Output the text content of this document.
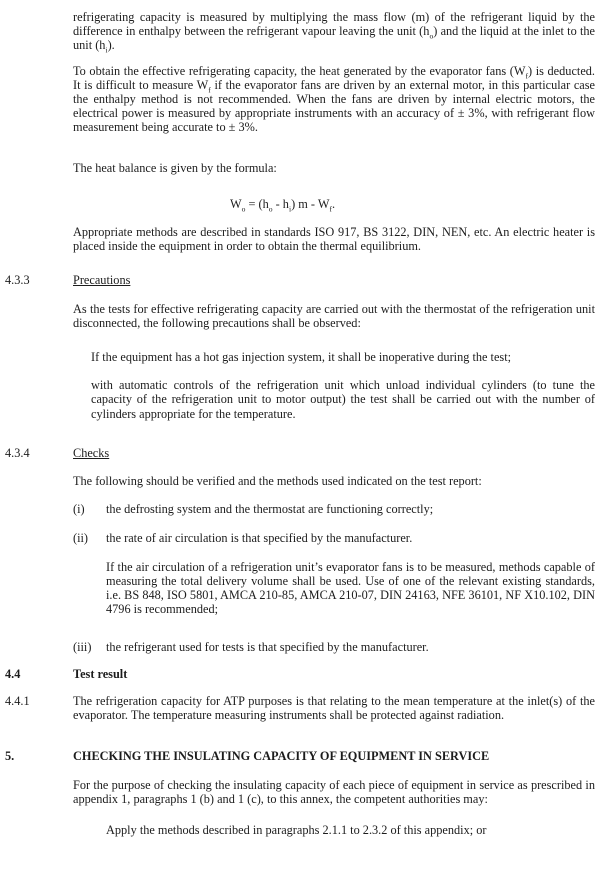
refrigerating capacity is measured by multiplying the mass flow (m) of the refrigerant liquid by the difference in enthalpy between the refrigerant vapour leaving the unit $(h_o)$ and the liquid at the inlet to the unit $(h_i)$.

To obtain the effective refrigerating capacity, the heat generated by the evaporator fans $(W_f)$ is deducted. It is difficult to measure $W_f$ if the evaporator fans are driven by an external motor, in this particular case the enthalpy method is not recommended. When the fans are driven by internal electric motors, the electrical power is measured by appropriate instruments with an accuracy of ± 3%, with refrigerant flow measurement being accurate to ± 3%.

The heat balance is given by the formula:

$W_o = (h_o - h_i)$ m - $W_f$.

Appropriate methods are described in standards ISO 917, BS 3122, DIN, NEN, etc. An electric heater is placed inside the equipment in order to obtain the thermal equilibrium.

4.3.3	Precautions

As the tests for effective refrigerating capacity are carried out with the thermostat of the refrigeration unit disconnected, the following precautions shall be observed:

If the equipment has a hot gas injection system, it shall be inoperative during the test;

with automatic controls of the refrigeration unit which unload individual cylinders (to tune the capacity of the refrigeration unit to motor output) the test shall be carried out with the number of cylinders appropriate for the temperature.

4.3.4	Checks

The following should be verified and the methods used indicated on the test report:

(i) the defrosting system and the thermostat are functioning correctly;

(ii) the rate of air circulation is that specified by the manufacturer.

If the air circulation of a refrigeration unit’s evaporator fans is to be measured, methods capable of measuring the total delivery volume shall be used. Use of one of the relevant existing standards, i.e. BS 848, ISO 5801, AMCA 210-85, AMCA 210-07, DIN 24163, NFE 36101, NF X10.102, DIN 4796 is recommended;

(iii) the refrigerant used for tests is that specified by the manufacturer.

4.4	Test result
4.4.1	The refrigeration capacity for ATP purposes is that relating to the mean temperature at the inlet(s) of the evaporator. The temperature measuring instruments shall be protected against radiation.
5.	CHECKING THE INSULATING CAPACITY OF EQUIPMENT IN SERVICE

For the purpose of checking the insulating capacity of each piece of equipment in service as prescribed in appendix 1, paragraphs 1 (b) and 1 (c), to this annex, the competent authorities may:

Apply the methods described in paragraphs 2.1.1 to 2.3.2 of this appendix; or
